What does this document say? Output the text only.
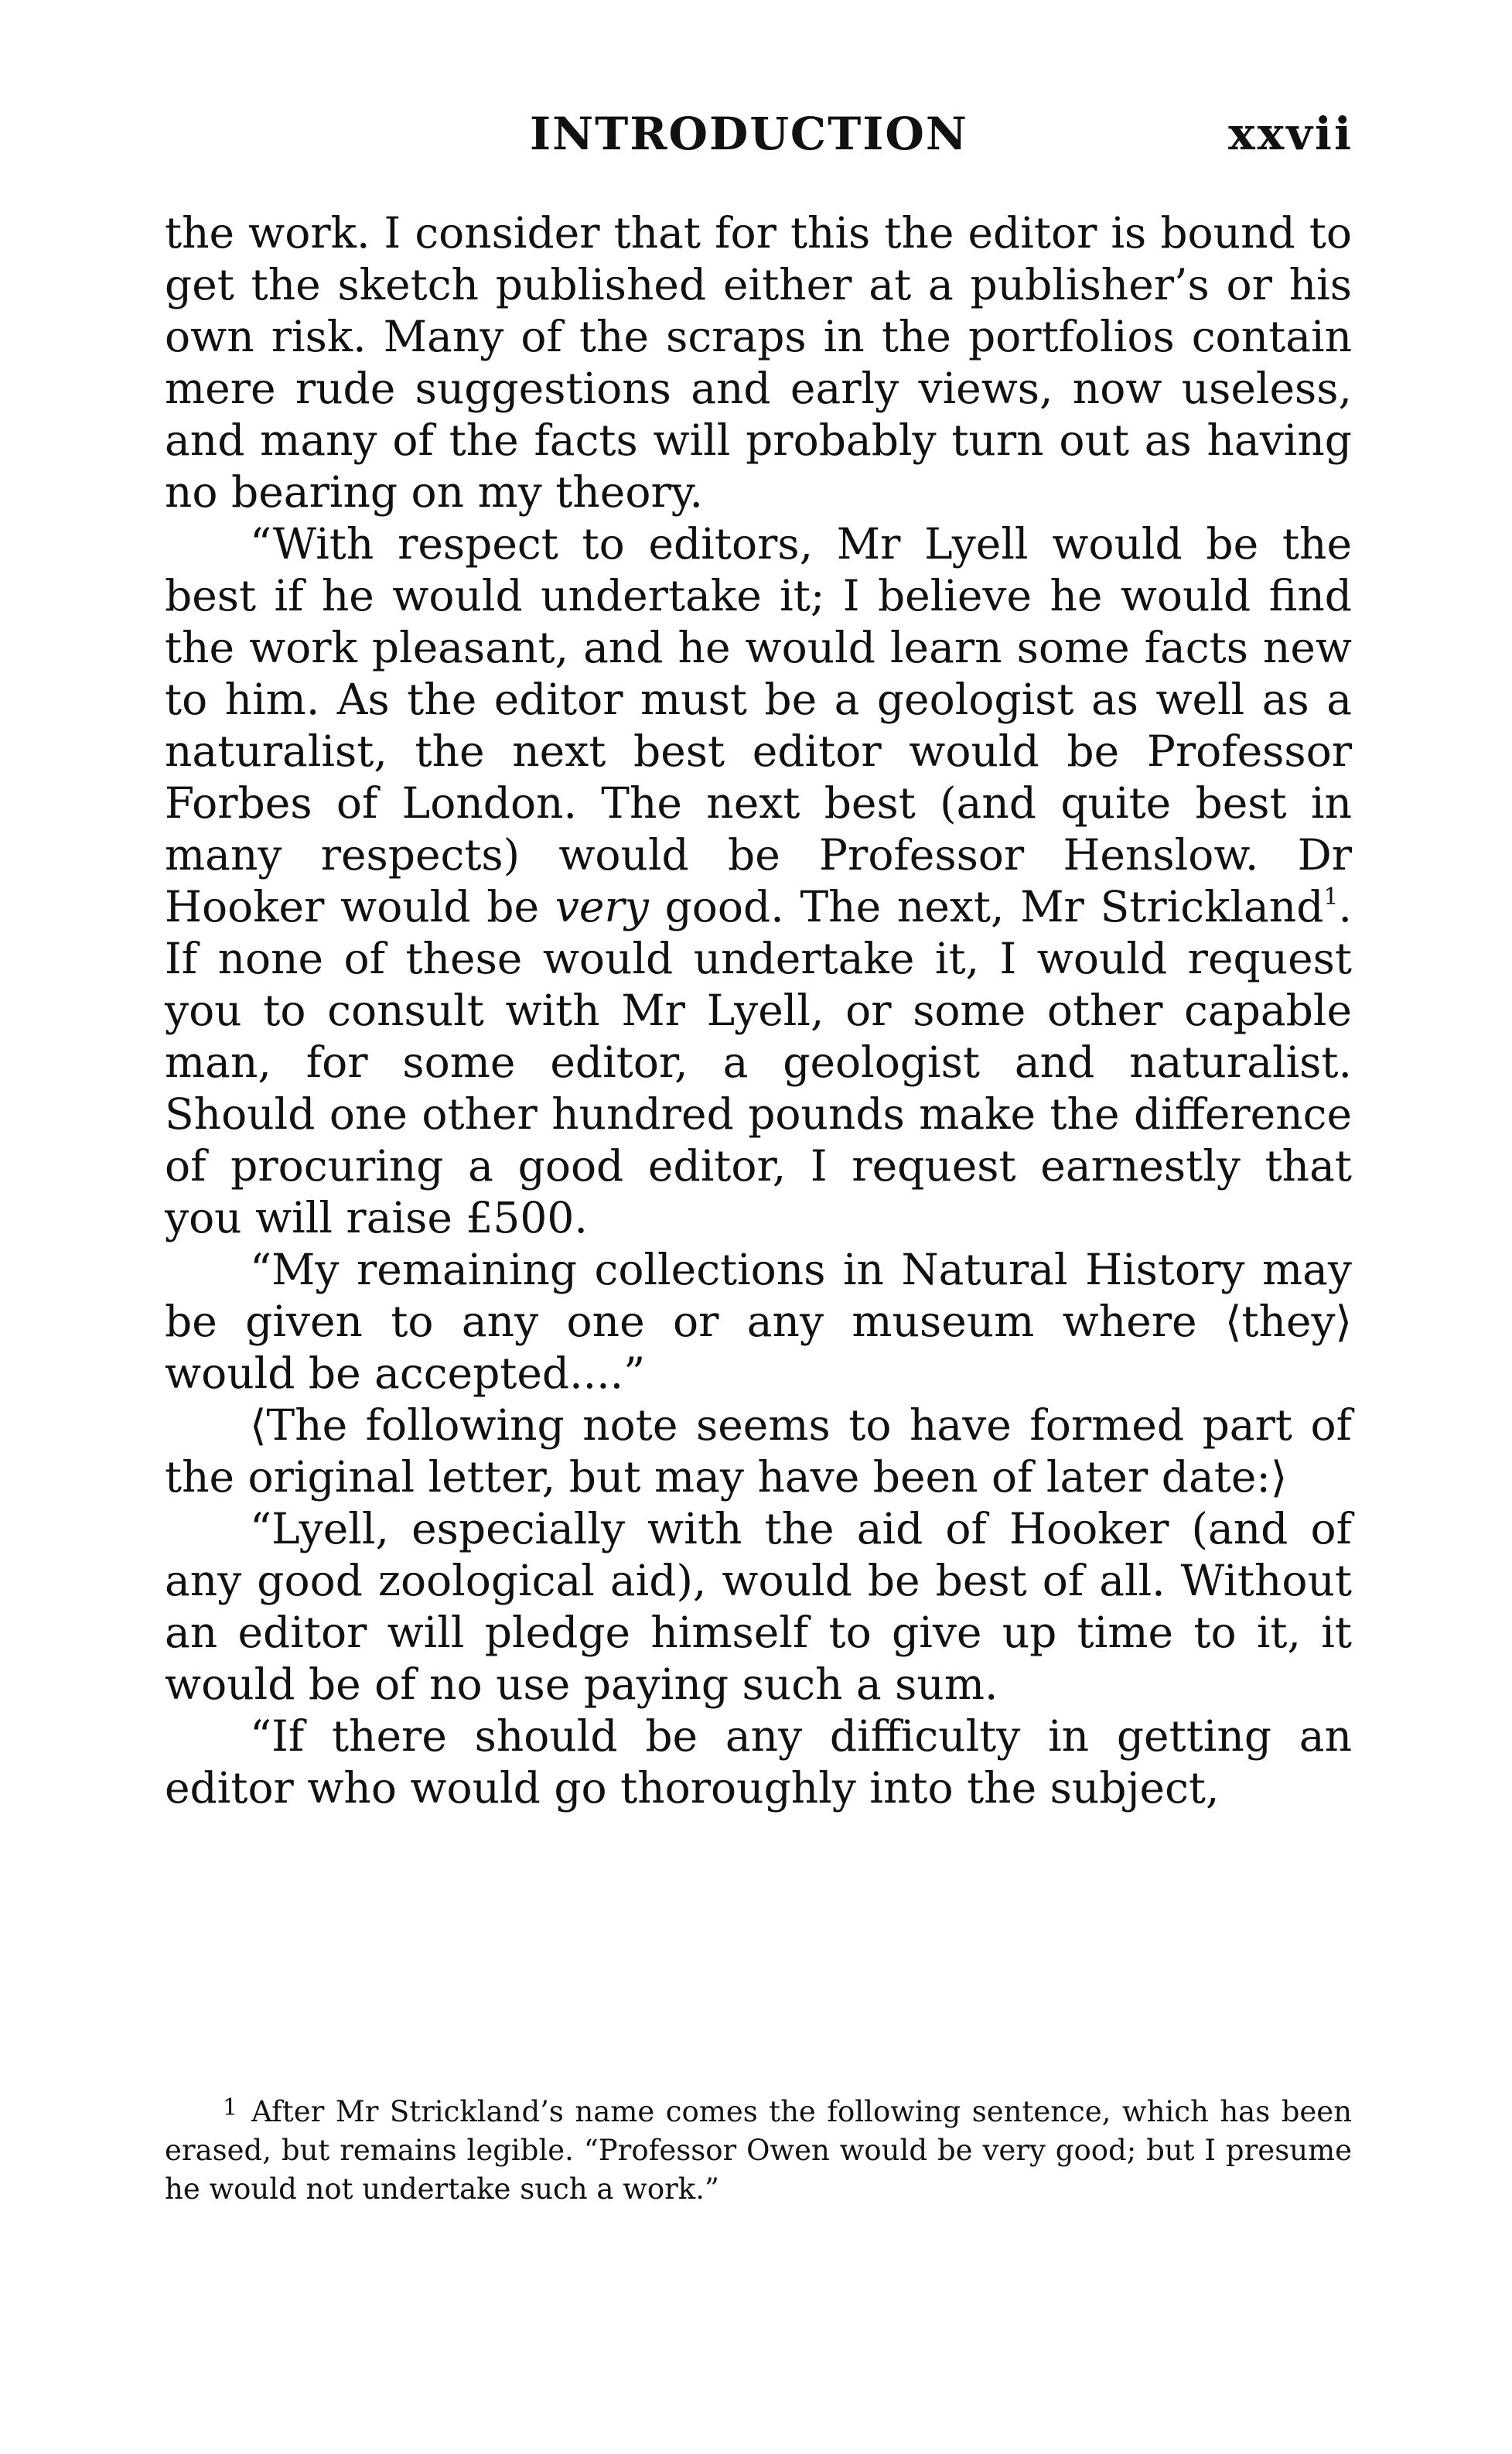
INTRODUCTION	xxvii

the work. I consider that for this the editor is bound to get the sketch published either at a publisher’s or his own risk. Many of the scraps in the portfolios contain mere rude suggestions and early views, now useless, and many of the facts will probably turn out as having no bearing on my theory.

“With respect to editors, Mr Lyell would be the best if he would undertake it; I believe he would find the work pleasant, and he would learn some facts new to him. As the editor must be a geologist as well as a naturalist, the next best editor would be Professor Forbes of London. The next best (and quite best in many respects) would be Professor Henslow. Dr Hooker would be very good. The next, Mr Strickland$^1$. If none of these would undertake it, I would request you to consult with Mr Lyell, or some other capable man, for some editor, a geologist and naturalist. Should one other hundred pounds make the difference of procuring a good editor, I request earnestly that you will raise £500.

“My remaining collections in Natural History may be given to any one or any museum where ⟨they⟩ would be accepted....”

⟨The following note seems to have formed part of the original letter, but may have been of later date:⟩

“Lyell, especially with the aid of Hooker (and of any good zoological aid), would be best of all. Without an editor will pledge himself to give up time to it, it would be of no use paying such a sum.

“If there should be any difficulty in getting an editor who would go thoroughly into the subject,

$^1$ After Mr Strickland’s name comes the following sentence, which has been erased, but remains legible. “Professor Owen would be very good; but I presume he would not undertake such a work.”
